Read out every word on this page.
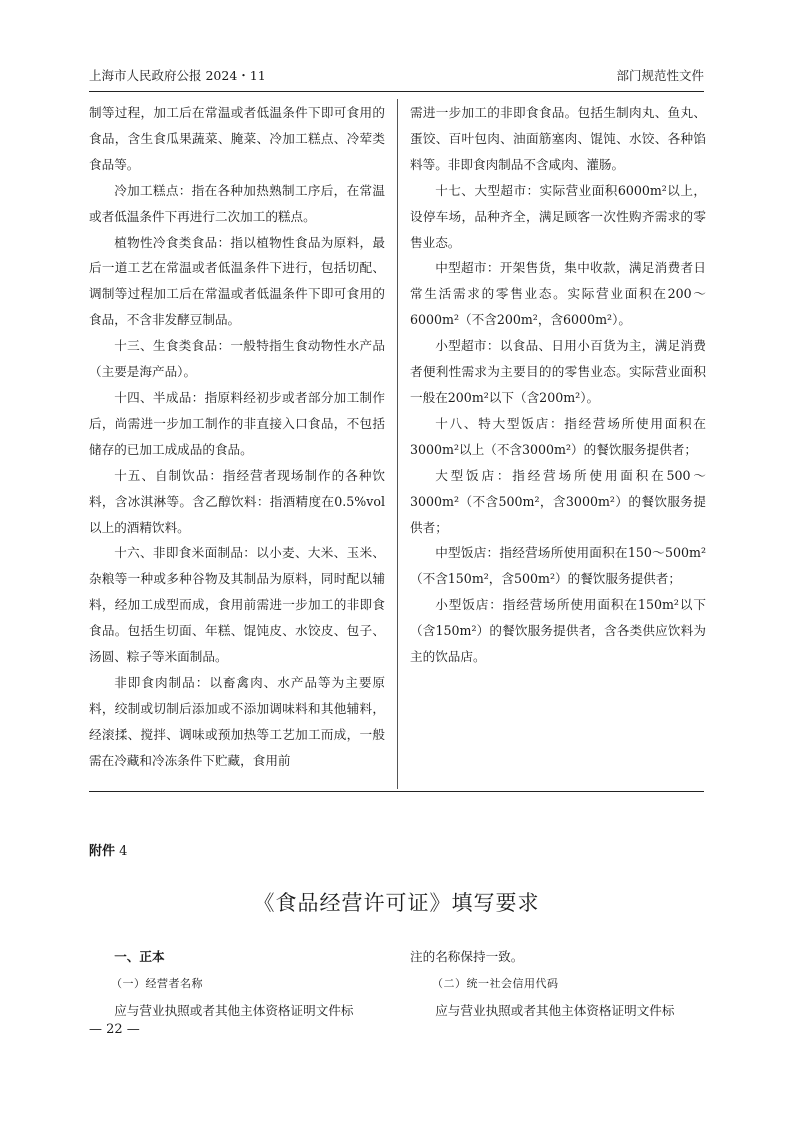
上海市人民政府公报 2024・11	部门规范性文件

制等过程，加工后在常温或者低温条件下即可食用的食品，含生食瓜果蔬菜、腌菜、冷加工糕点、冷荤类食品等。

冷加工糕点：指在各种加热熟制工序后，在常温或者低温条件下再进行二次加工的糕点。

植物性冷食类食品：指以植物性食品为原料，最后一道工艺在常温或者低温条件下进行，包括切配、调制等过程加工后在常温或者低温条件下即可食用的食品，不含非发酵豆制品。

十三、生食类食品：一般特指生食动物性水产品（主要是海产品）。

十四、半成品：指原料经初步或者部分加工制作后，尚需进一步加工制作的非直接入口食品，不包括储存的已加工成成品的食品。

十五、自制饮品：指经营者现场制作的各种饮料，含冰淇淋等。含乙醇饮料：指酒精度在0.5%vol以上的酒精饮料。

十六、非即食米面制品：以小麦、大米、玉米、杂粮等一种或多种谷物及其制品为原料，同时配以辅料，经加工成型而成，食用前需进一步加工的非即食食品。包括生切面、年糕、馄饨皮、水饺皮、包子、汤圆、粽子等米面制品。

非即食肉制品：以畜禽肉、水产品等为主要原料，绞制或切制后添加或不添加调味料和其他辅料，经滚揉、搅拌、调味或预加热等工艺加工而成，一般需在冷藏和冷冻条件下贮藏，食用前

需进一步加工的非即食食品。包括生制肉丸、鱼丸、蛋饺、百叶包肉、油面筋塞肉、馄饨、水饺、各种馅料等。非即食肉制品不含咸肉、灌肠。

十七、大型超市：实际营业面积6000m²以上，设停车场，品种齐全，满足顾客一次性购齐需求的零售业态。

中型超市：开架售货，集中收款，满足消费者日常生活需求的零售业态。实际营业面积在200～6000m²（不含200m²，含6000m²）。

小型超市：以食品、日用小百货为主，满足消费者便利性需求为主要目的的零售业态。实际营业面积一般在200m²以下（含200m²）。

十八、特大型饭店：指经营场所使用面积在3000m²以上（不含3000m²）的餐饮服务提供者；

大型饭店：指经营场所使用面积在500～3000m²（不含500m²，含3000m²）的餐饮服务提供者；

中型饭店：指经营场所使用面积在150～500m²（不含150m²，含500m²）的餐饮服务提供者；

小型饭店：指经营场所使用面积在150m²以下（含150m²）的餐饮服务提供者，含各类供应饮料为主的饮品店。

附件 4
《食品经营许可证》填写要求

一、正本

（一）经营者名称

应与营业执照或者其他主体资格证明文件标

注的名称保持一致。

（二）统一社会信用代码

应与营业执照或者其他主体资格证明文件标

— 22 —
